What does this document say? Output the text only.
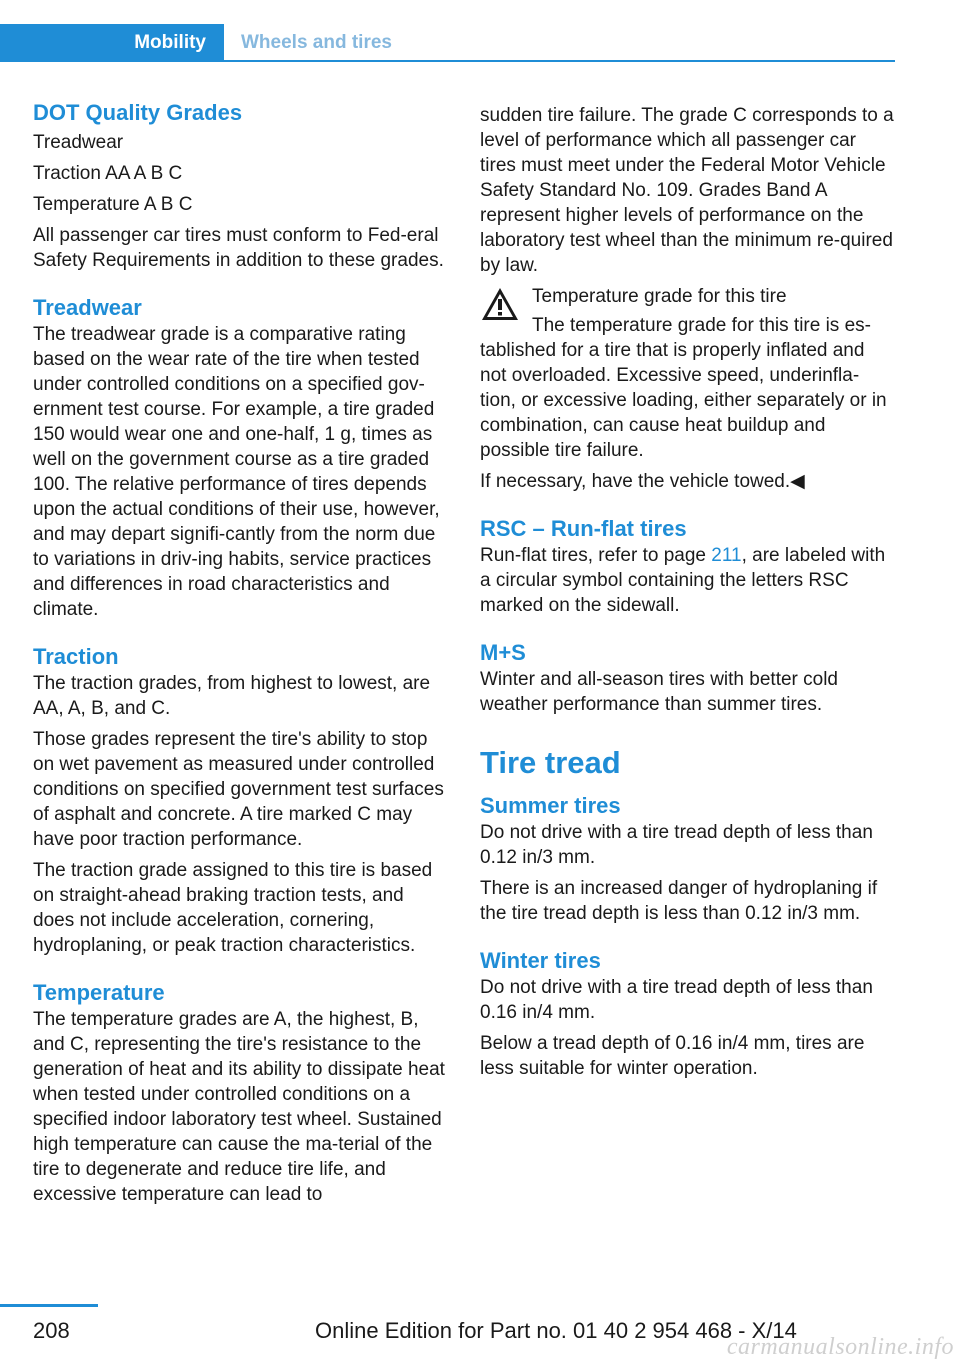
Mobility	Wheels and tires
DOT Quality Grades

Treadwear

Traction AA A B C

Temperature A B C

All passenger car tires must conform to Fed‐eral Safety Requirements in addition to these grades.

Treadwear

The treadwear grade is a comparative rating based on the wear rate of the tire when tested under controlled conditions on a specified gov‐ernment test course. For example, a tire graded 150 would wear one and one-half, 1 g, times as well on the government course as a tire graded 100. The relative performance of tires depends upon the actual conditions of their use, however, and may depart signifi‐cantly from the norm due to variations in driv‐ing habits, service practices and differences in road characteristics and climate.

Traction

The traction grades, from highest to lowest, are AA, A, B, and C.

Those grades represent the tire's ability to stop on wet pavement as measured under controlled conditions on specified government test surfaces of asphalt and concrete. A tire marked C may have poor traction performance.

The traction grade assigned to this tire is based on straight-ahead braking traction tests, and does not include acceleration, cornering, hydroplaning, or peak traction characteristics.

Temperature

The temperature grades are A, the highest, B, and C, representing the tire's resistance to the generation of heat and its ability to dissipate heat when tested under controlled conditions on a specified indoor laboratory test wheel. Sustained high temperature can cause the ma‐terial of the tire to degenerate and reduce tire life, and excessive temperature can lead to

sudden tire failure. The grade C corresponds to a level of performance which all passenger car tires must meet under the Federal Motor Vehicle Safety Standard No. 109. Grades Band A represent higher levels of performance on the laboratory test wheel than the minimum re‐quired by law.

Temperature grade for this tire

The temperature grade for this tire is es‐

tablished for a tire that is properly inflated and not overloaded. Excessive speed, underinfla‐tion, or excessive loading, either separately or in combination, can cause heat buildup and possible tire failure.

If necessary, have the vehicle towed.◀

RSC – Run-flat tires

Run-flat tires, refer to page 211, are labeled with a circular symbol containing the letters RSC marked on the sidewall.

M+S

Winter and all-season tires with better cold weather performance than summer tires.

Tire tread
Summer tires

Do not drive with a tire tread depth of less than 0.12 in/3 mm.

There is an increased danger of hydroplaning if the tire tread depth is less than 0.12 in/3 mm.

Winter tires

Do not drive with a tire tread depth of less than 0.16 in/4 mm.

Below a tread depth of 0.16 in/4 mm, tires are less suitable for winter operation.

208	Online Edition for Part no. 01 40 2 954 468 - X/14
carmanualsonline.info
